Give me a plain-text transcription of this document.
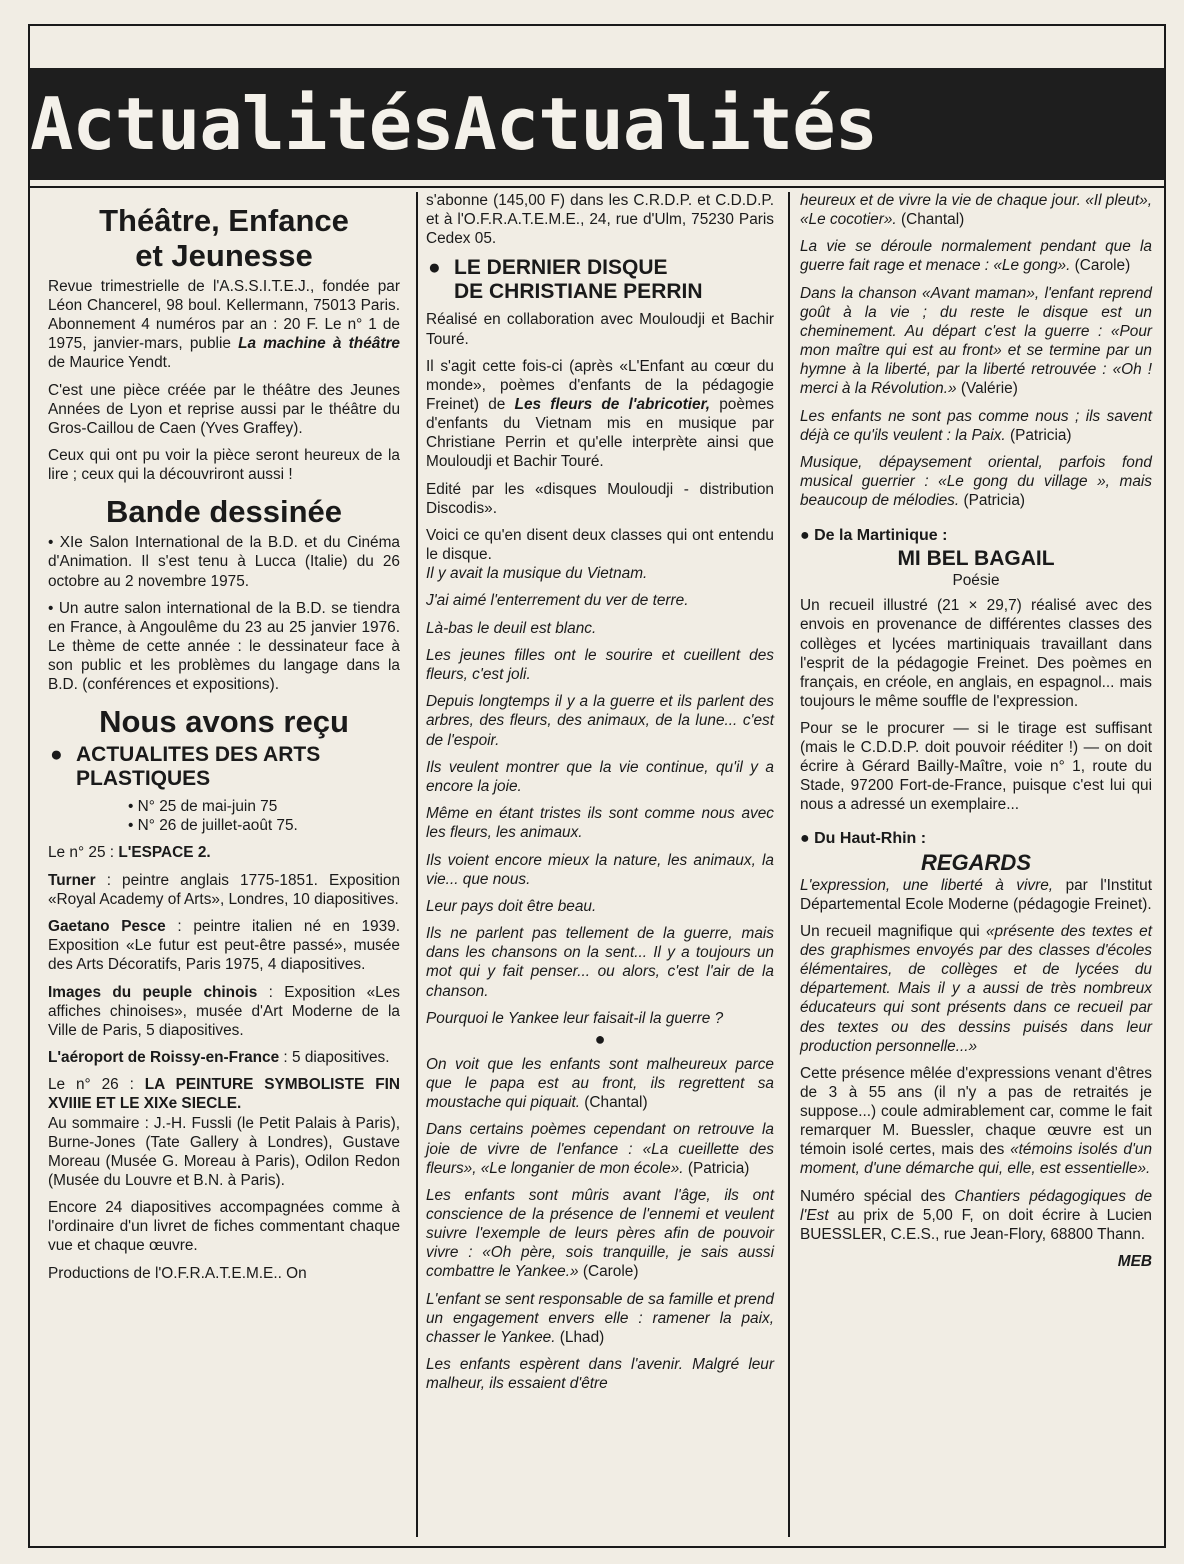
ActualitésActualités
Théâtre, Enfance
et Jeunesse

Revue trimestrielle de l'A.S.S.I.T.E.J., fondée par Léon Chancerel, 98 boul. Kellermann, 75013 Paris. Abonnement 4 numéros par an : 20 F. Le n° 1 de 1975, janvier-mars, publie La machine à théâtre de Maurice Yendt.

C'est une pièce créée par le théâtre des Jeunes Années de Lyon et reprise aussi par le théâtre du Gros-Caillou de Caen (Yves Graffey).

Ceux qui ont pu voir la pièce seront heureux de la lire ; ceux qui la découvriront aussi !

Bande dessinée

• XIe Salon International de la B.D. et du Cinéma d'Animation. Il s'est tenu à Lucca (Italie) du 26 octobre au 2 novembre 1975.

• Un autre salon international de la B.D. se tiendra en France, à Angoulême du 23 au 25 janvier 1976. Le thème de cette année : le dessinateur face à son public et les problèmes du langage dans la B.D. (conférences et expositions).

Nous avons reçu
● ACTUALITES DES ARTS
PLASTIQUES
• N° 25 de mai-juin 75
• N° 26 de juillet-août 75.

Le n° 25 : L'ESPACE 2.

Turner : peintre anglais 1775-1851. Exposition «Royal Academy of Arts», Londres, 10 diapositives.

Gaetano Pesce : peintre italien né en 1939. Exposition «Le futur est peut-être passé», musée des Arts Décoratifs, Paris 1975, 4 diapositives.

Images du peuple chinois : Exposition «Les affiches chinoises», musée d'Art Moderne de la Ville de Paris, 5 diapositives.

L'aéroport de Roissy-en-France : 5 diapositives.

Le n° 26 : LA PEINTURE SYMBOLISTE FIN XVIIIE ET LE XIXe SIECLE.

Au sommaire : J.-H. Fussli (le Petit Palais à Paris), Burne-Jones (Tate Gallery à Londres), Gustave Moreau (Musée G. Moreau à Paris), Odilon Redon (Musée du Louvre et B.N. à Paris).

Encore 24 diapositives accompagnées comme à l'ordinaire d'un livret de fiches commentant chaque vue et chaque œuvre.

Productions de l'O.F.R.A.T.E.M.E.. On

s'abonne (145,00 F) dans les C.R.D.P. et C.D.D.P. et à l'O.F.R.A.T.E.M.E., 24, rue d'Ulm, 75230 Paris Cedex 05.

● LE DERNIER DISQUE
DE CHRISTIANE PERRIN

Réalisé en collaboration avec Mouloudji et Bachir Touré.

Il s'agit cette fois-ci (après «L'Enfant au cœur du monde», poèmes d'enfants de la pédagogie Freinet) de Les fleurs de l'abricotier, poèmes d'enfants du Vietnam mis en musique par Christiane Perrin et qu'elle interprète ainsi que Mouloudji et Bachir Touré.

Edité par les «disques Mouloudji - distribution Discodis».

Voici ce qu'en disent deux classes qui ont entendu le disque.

Il y avait la musique du Vietnam.

J'ai aimé l'enterrement du ver de terre.

Là-bas le deuil est blanc.

Les jeunes filles ont le sourire et cueillent des fleurs, c'est joli.

Depuis longtemps il y a la guerre et ils parlent des arbres, des fleurs, des animaux, de la lune... c'est de l'espoir.

Ils veulent montrer que la vie continue, qu'il y a encore la joie.

Même en étant tristes ils sont comme nous avec les fleurs, les animaux.

Ils voient encore mieux la nature, les animaux, la vie... que nous.

Leur pays doit être beau.

Ils ne parlent pas tellement de la guerre, mais dans les chansons on la sent... Il y a toujours un mot qui y fait penser... ou alors, c'est l'air de la chanson.

Pourquoi le Yankee leur faisait-il la guerre ?

●

On voit que les enfants sont malheureux parce que le papa est au front, ils regrettent sa moustache qui piquait. (Chantal)

Dans certains poèmes cependant on retrouve la joie de vivre de l'enfance : «La cueillette des fleurs», «Le longanier de mon école». (Patricia)

Les enfants sont mûris avant l'âge, ils ont conscience de la présence de l'ennemi et veulent suivre l'exemple de leurs pères afin de pouvoir vivre : «Oh père, sois tranquille, je sais aussi combattre le Yankee.» (Carole)

L'enfant se sent responsable de sa famille et prend un engagement envers elle : ramener la paix, chasser le Yankee. (Lhad)

Les enfants espèrent dans l'avenir. Malgré leur malheur, ils essaient d'être

heureux et de vivre la vie de chaque jour. «Il pleut», «Le cocotier». (Chantal)

La vie se déroule normalement pendant que la guerre fait rage et menace : «Le gong». (Carole)

Dans la chanson «Avant maman», l'enfant reprend goût à la vie ; du reste le disque est un cheminement. Au départ c'est la guerre : «Pour mon maître qui est au front» et se termine par un hymne à la liberté, par la liberté retrouvée : «Oh ! merci à la Révolution.» (Valérie)

Les enfants ne sont pas comme nous ; ils savent déjà ce qu'ils veulent : la Paix. (Patricia)

Musique, dépaysement oriental, parfois fond musical guerrier : «Le gong du village », mais beaucoup de mélodies. (Patricia)

● De la Martinique :
MI BEL BAGAIL
Poésie

Un recueil illustré (21 × 29,7) réalisé avec des envois en provenance de différentes classes des collèges et lycées martiniquais travaillant dans l'esprit de la pédagogie Freinet. Des poèmes en français, en créole, en anglais, en espagnol... mais toujours le même souffle de l'expression.

Pour se le procurer — si le tirage est suffisant (mais le C.D.D.P. doit pouvoir rééditer !) — on doit écrire à Gérard Bailly-Maître, voie n° 1, route du Stade, 97200 Fort-de-France, puisque c'est lui qui nous a adressé un exemplaire...

● Du Haut-Rhin :
REGARDS

L'expression, une liberté à vivre, par l'Institut Départemental Ecole Moderne (pédagogie Freinet).

Un recueil magnifique qui «présente des textes et des graphismes envoyés par des classes d'écoles élémentaires, de collèges et de lycées du département. Mais il y a aussi de très nombreux éducateurs qui sont présents dans ce recueil par des textes ou des dessins puisés dans leur production personnelle...»

Cette présence mêlée d'expressions venant d'êtres de 3 à 55 ans (il n'y a pas de retraités je suppose...) coule admirablement car, comme le fait remarquer M. Buessler, chaque œuvre est un témoin isolé certes, mais des «témoins isolés d'un moment, d'une démarche qui, elle, est essentielle».

Numéro spécial des Chantiers pédagogiques de l'Est au prix de 5,00 F, on doit écrire à Lucien BUESSLER, C.E.S., rue Jean-Flory, 68800 Thann.

MEB
